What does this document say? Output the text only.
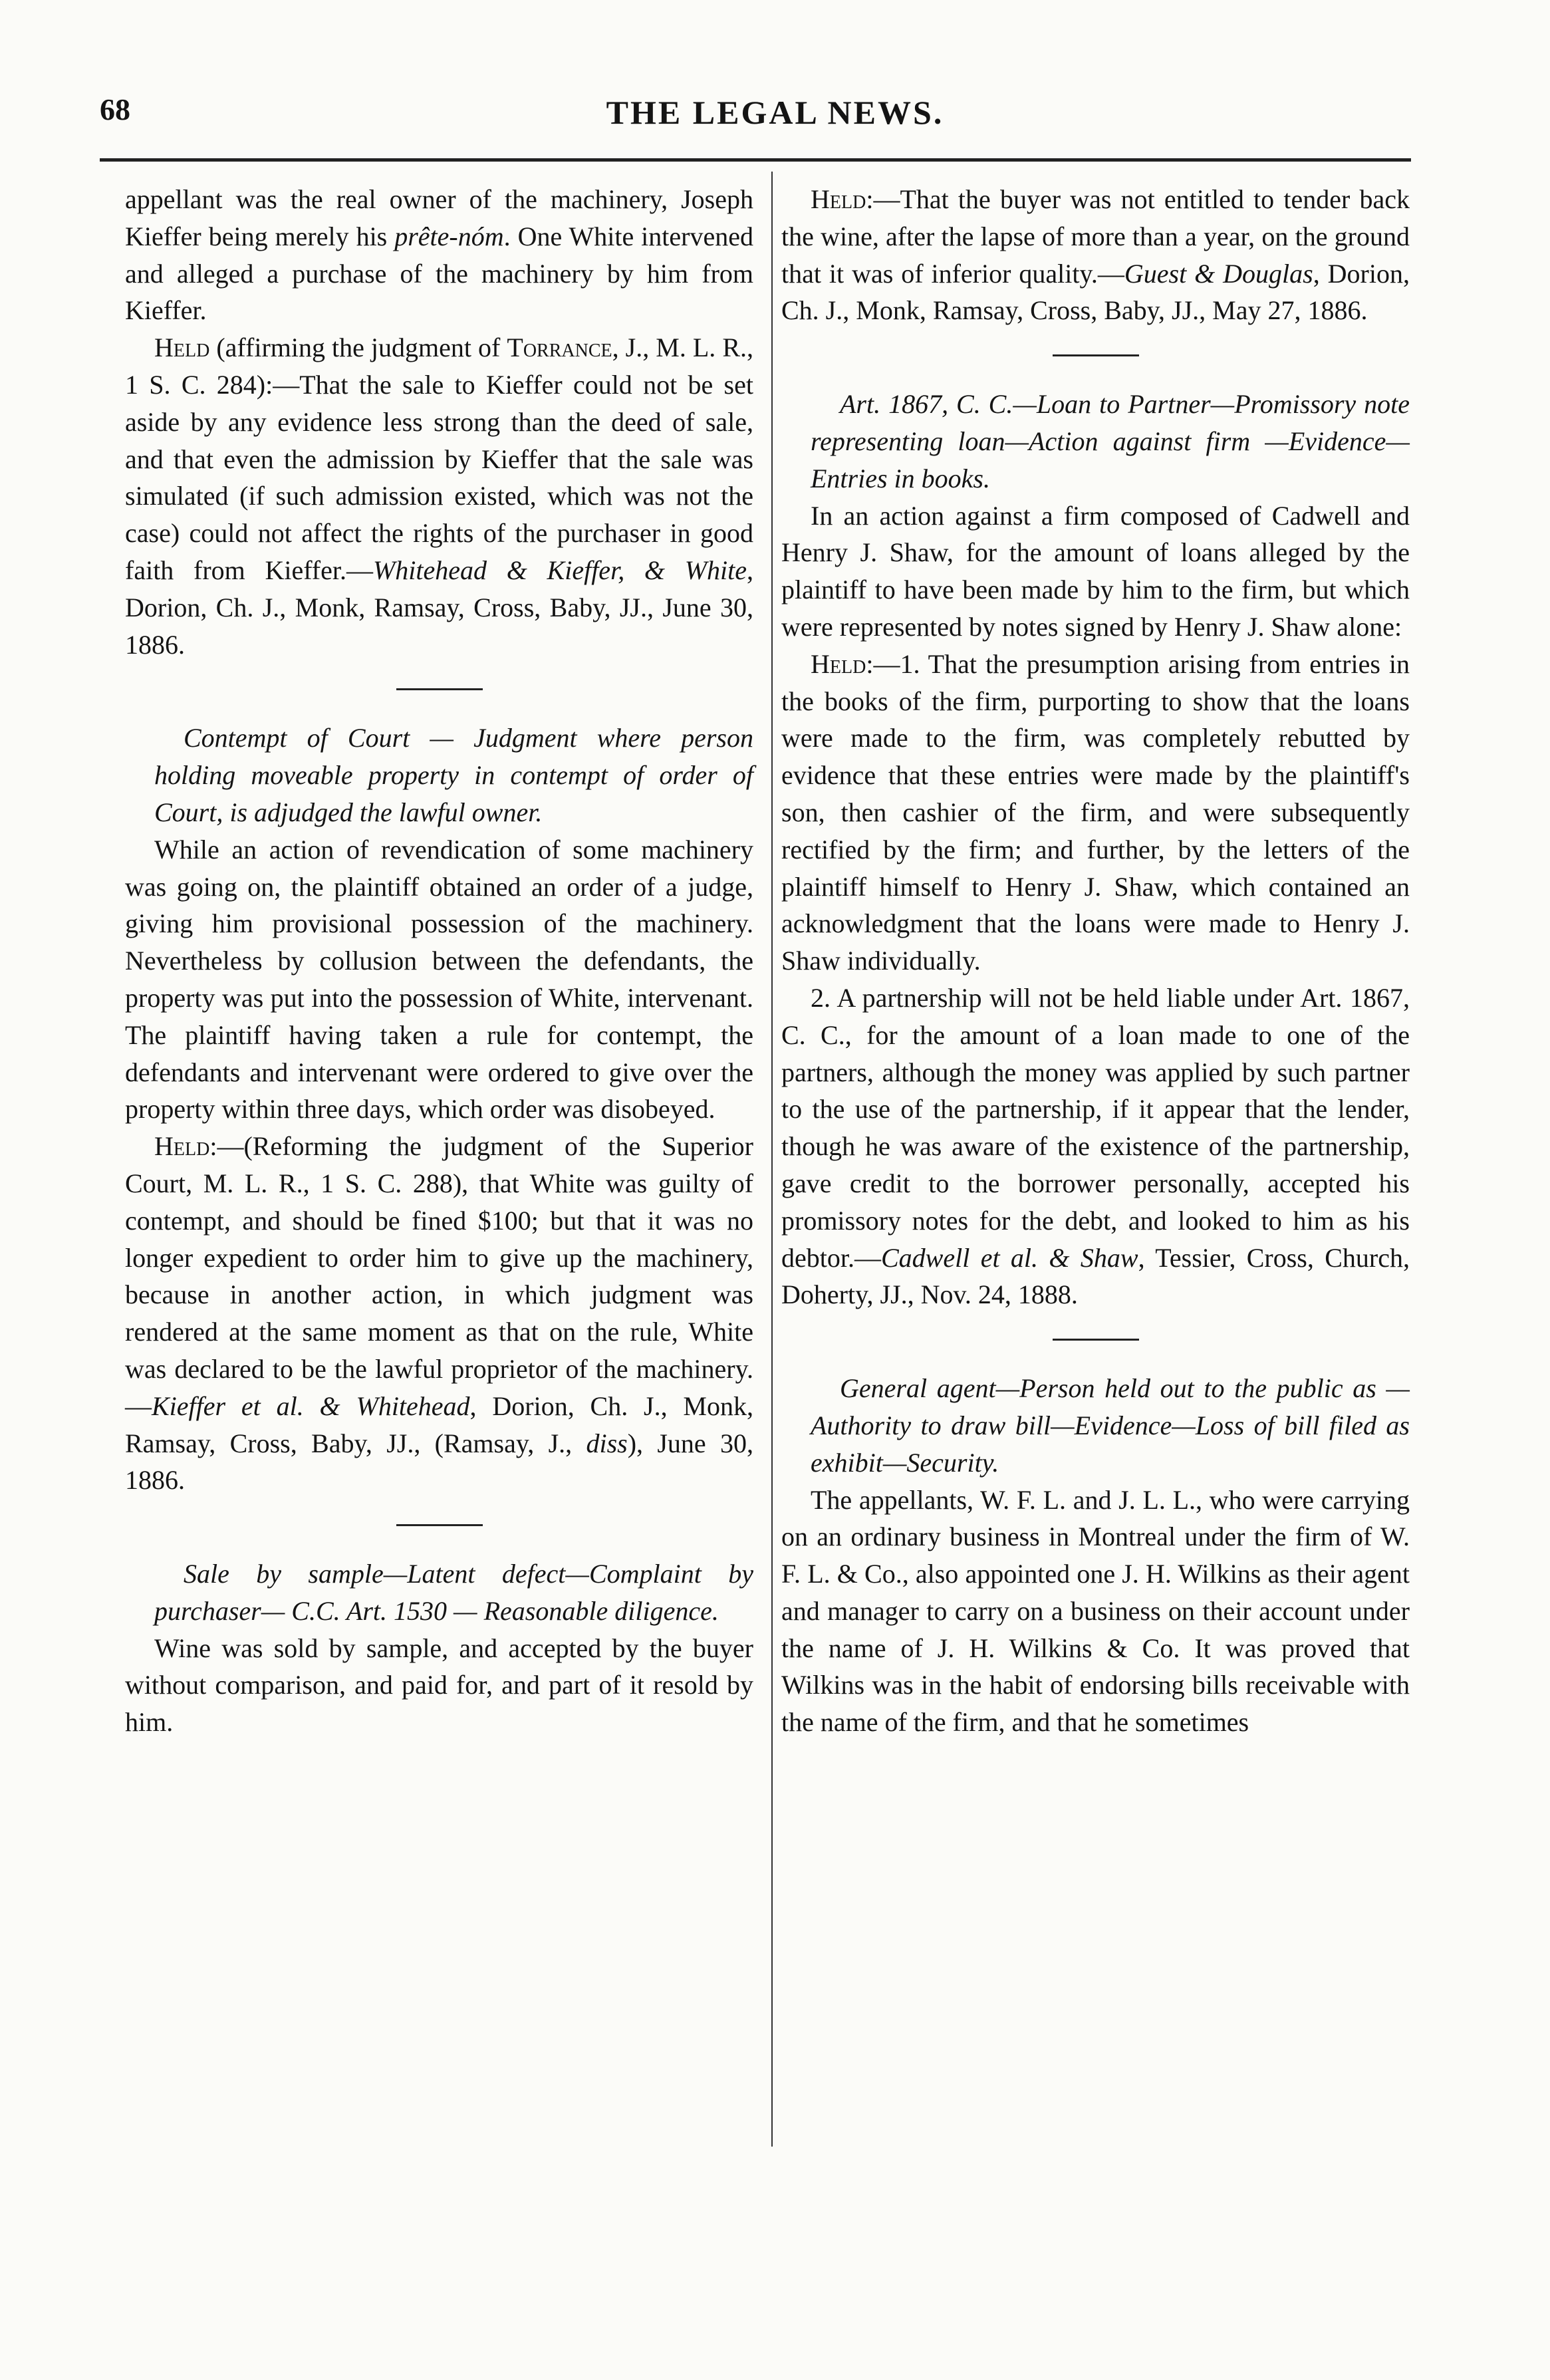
68	THE LEGAL NEWS.

appellant was the real owner of the machinery, Joseph Kieffer being merely his prête-nóm. One White intervened and alleged a purchase of the machinery by him from Kieffer.

Held (affirming the judgment of Torrance, J., M. L. R., 1 S. C. 284):—That the sale to Kieffer could not be set aside by any evidence less strong than the deed of sale, and that even the admission by Kieffer that the sale was simulated (if such admission existed, which was not the case) could not affect the rights of the purchaser in good faith from Kieffer.—Whitehead & Kieffer, & White, Dorion, Ch. J., Monk, Ramsay, Cross, Baby, JJ., June 30, 1886.

Contempt of Court — Judgment where person holding moveable property in contempt of order of Court, is adjudged the lawful owner.

While an action of revendication of some machinery was going on, the plaintiff obtained an order of a judge, giving him provisional possession of the machinery. Nevertheless by collusion between the defendants, the property was put into the possession of White, intervenant. The plaintiff having taken a rule for contempt, the defendants and intervenant were ordered to give over the property within three days, which order was disobeyed.

Held:—(Reforming the judgment of the Superior Court, M. L. R., 1 S. C. 288), that White was guilty of contempt, and should be fined $100; but that it was no longer expedient to order him to give up the machinery, because in another action, in which judgment was rendered at the same moment as that on the rule, White was declared to be the lawful proprietor of the machinery.—Kieffer et al. & Whitehead, Dorion, Ch. J., Monk, Ramsay, Cross, Baby, JJ., (Ramsay, J., diss), June 30, 1886.

Sale by sample—Latent defect—Complaint by purchaser— C.C. Art. 1530 — Reasonable diligence.

Wine was sold by sample, and accepted by the buyer without comparison, and paid for, and part of it resold by him.

Held:—That the buyer was not entitled to tender back the wine, after the lapse of more than a year, on the ground that it was of inferior quality.—Guest & Douglas, Dorion, Ch. J., Monk, Ramsay, Cross, Baby, JJ., May 27, 1886.

Art. 1867, C. C.—Loan to Partner—Promissory note representing loan—Action against firm —Evidence—Entries in books.

In an action against a firm composed of Cadwell and Henry J. Shaw, for the amount of loans alleged by the plaintiff to have been made by him to the firm, but which were represented by notes signed by Henry J. Shaw alone:

Held:—1. That the presumption arising from entries in the books of the firm, purporting to show that the loans were made to the firm, was completely rebutted by evidence that these entries were made by the plaintiff's son, then cashier of the firm, and were subsequently rectified by the firm; and further, by the letters of the plaintiff himself to Henry J. Shaw, which contained an acknowledgment that the loans were made to Henry J. Shaw individually.

2. A partnership will not be held liable under Art. 1867, C. C., for the amount of a loan made to one of the partners, although the money was applied by such partner to the use of the partnership, if it appear that the lender, though he was aware of the existence of the partnership, gave credit to the borrower personally, accepted his promissory notes for the debt, and looked to him as his debtor.—Cadwell et al. & Shaw, Tessier, Cross, Church, Doherty, JJ., Nov. 24, 1888.

General agent—Person held out to the public as —Authority to draw bill—Evidence—Loss of bill filed as exhibit—Security.

The appellants, W. F. L. and J. L. L., who were carrying on an ordinary business in Montreal under the firm of W. F. L. & Co., also appointed one J. H. Wilkins as their agent and manager to carry on a business on their account under the name of J. H. Wilkins & Co. It was proved that Wilkins was in the habit of endorsing bills receivable with the name of the firm, and that he sometimes
